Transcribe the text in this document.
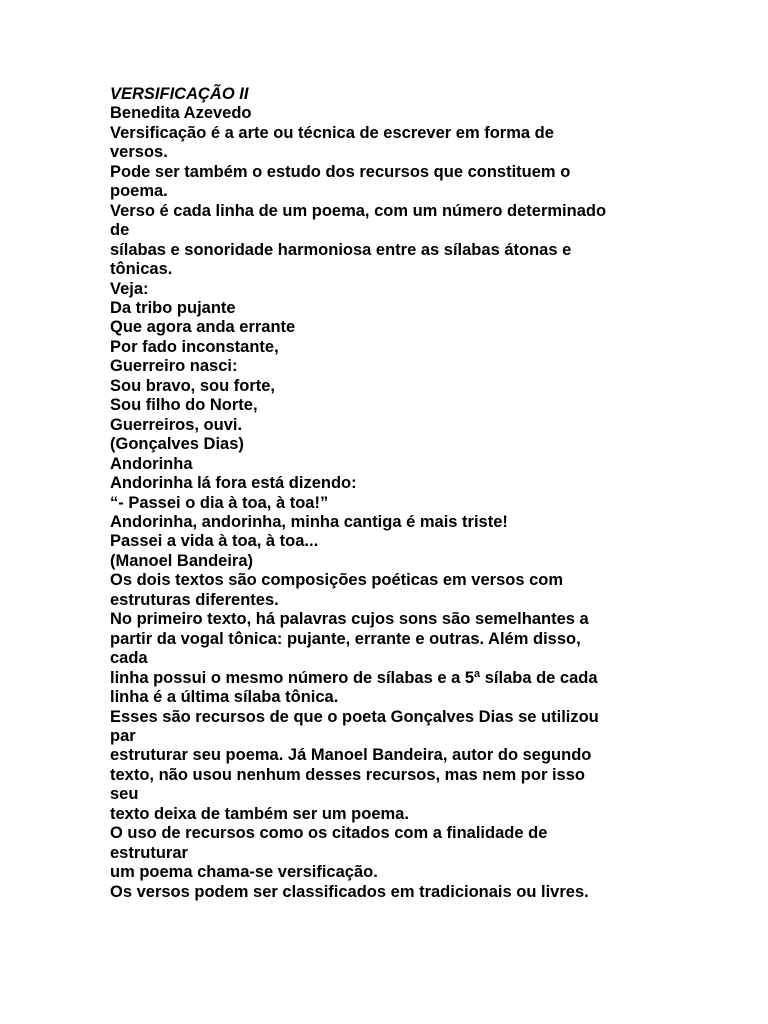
VERSIFICAÇÃO II

Benedita Azevedo

Versificação é a arte ou técnica de escrever em forma de

versos.

Pode ser também o estudo dos recursos que constituem o

poema.

Verso é cada linha de um poema, com um número determinado

de

sílabas e sonoridade harmoniosa entre as sílabas átonas e

tônicas.

Veja:

Da tribo pujante

Que agora anda errante

Por fado inconstante,

Guerreiro nasci:

Sou bravo, sou forte,

Sou filho do Norte,

Guerreiros, ouvi.

(Gonçalves Dias)

Andorinha

Andorinha lá fora está dizendo:

“- Passei o dia à toa, à toa!”

Andorinha, andorinha, minha cantiga é mais triste!

Passei a vida à toa, à toa...

(Manoel Bandeira)

Os dois textos são composições poéticas em versos com

estruturas diferentes.

No primeiro texto, há palavras cujos sons são semelhantes a

partir da vogal tônica: pujante, errante e outras. Além disso,

cada

linha possui o mesmo número de sílabas e a 5ª sílaba de cada

linha é a última sílaba tônica.

Esses são recursos de que o poeta Gonçalves Dias se utilizou

par

estruturar seu poema. Já Manoel Bandeira, autor do segundo

texto, não usou nenhum desses recursos, mas nem por isso

seu

texto deixa de também ser um poema.

O uso de recursos como os citados com a finalidade de

estruturar

um poema chama-se versificação.

Os versos podem ser classificados em tradicionais ou livres.
